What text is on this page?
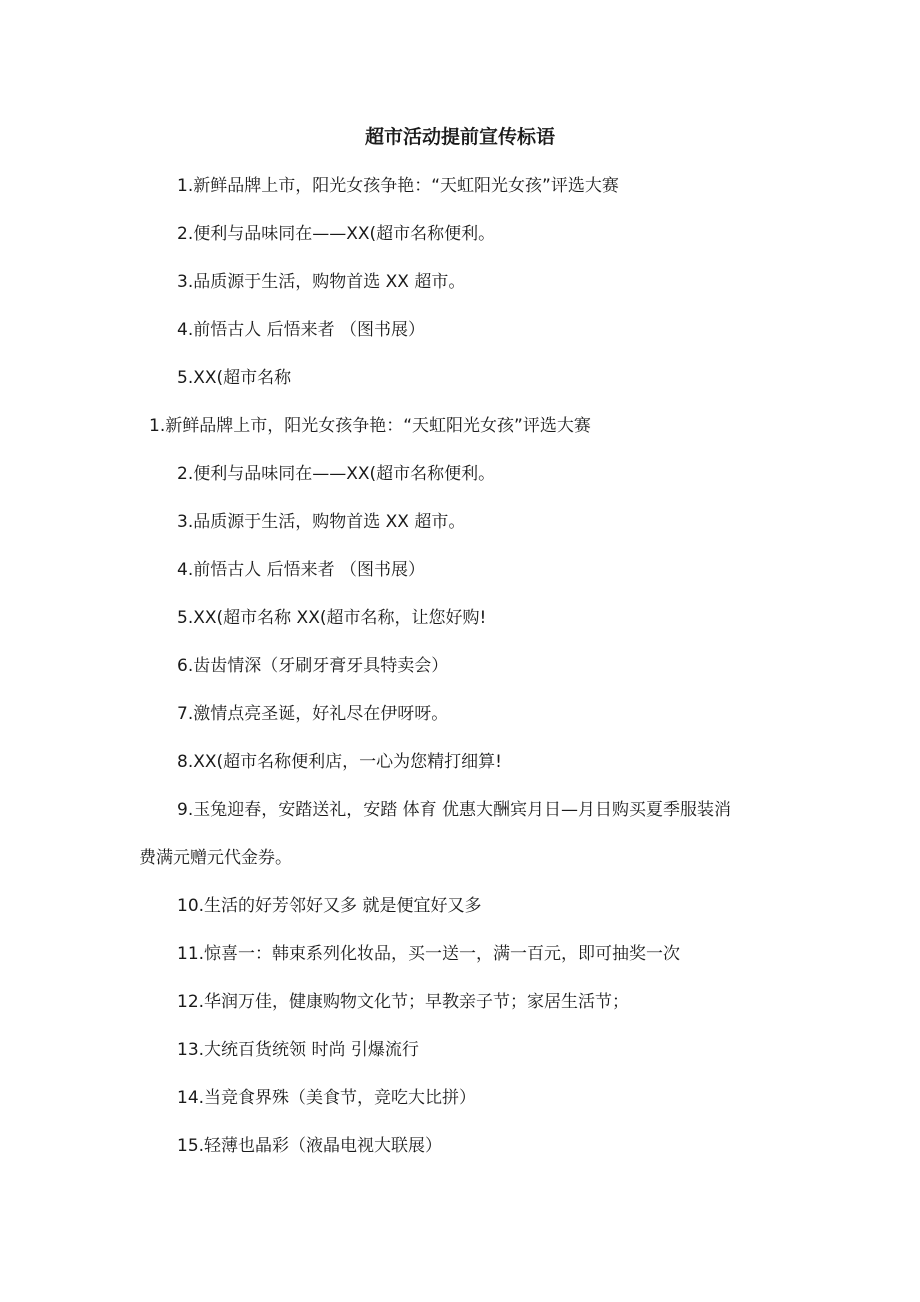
超市活动提前宣传标语
1.新鲜品牌上市，阳光女孩争艳：“天虹阳光女孩”评选大赛
2.便利与品味同在——XX(超市名称便利。
3.品质源于生活，购物首选 XX 超市。
4.前悟古人 后悟来者 （图书展）
5.XX(超市名称
1.新鲜品牌上市，阳光女孩争艳：“天虹阳光女孩”评选大赛
2.便利与品味同在——XX(超市名称便利。
3.品质源于生活，购物首选 XX 超市。
4.前悟古人 后悟来者 （图书展）
5.XX(超市名称 XX(超市名称，让您好购!
6.齿齿情深（牙刷牙膏牙具特卖会）
7.激情点亮圣诞，好礼尽在伊呀呀。
8.XX(超市名称便利店，一心为您精打细算!
9.玉兔迎春，安踏送礼，安踏 体育 优惠大酬宾月日—月日购买夏季服装消
费满元赠元代金券。
10.生活的好芳邻好又多 就是便宜好又多
11.惊喜一：韩束系列化妆品，买一送一，满一百元，即可抽奖一次
12.华润万佳，健康购物文化节；早教亲子节；家居生活节；
13.大统百货统领 时尚 引爆流行
14.当竞食界殊（美食节，竞吃大比拼）
15.轻薄也晶彩（液晶电视大联展）
